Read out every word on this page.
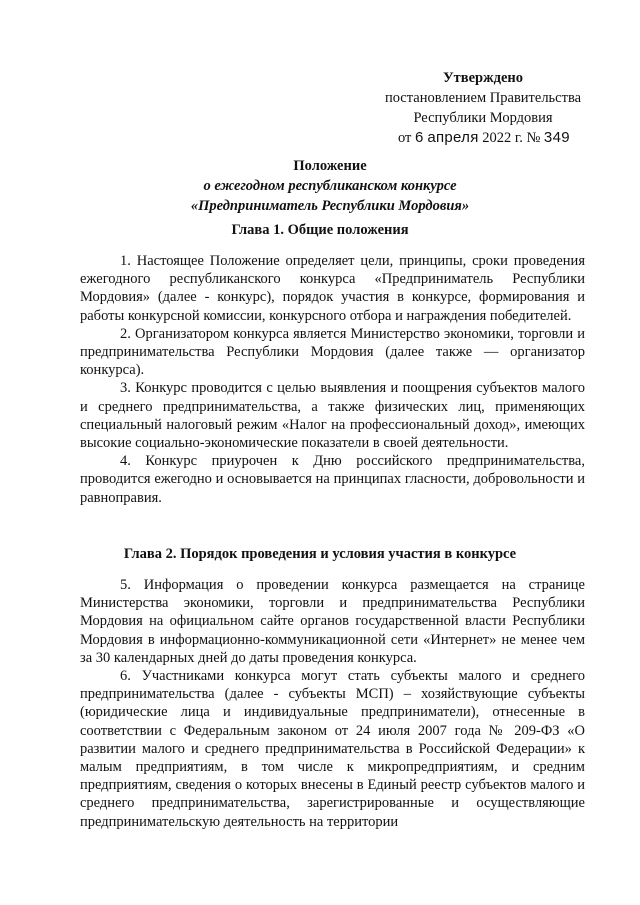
Утверждено
постановлением Правительства
Республики Мордовия
от 6 апреля 2022 г. № 349
Положение
о ежегодном республиканском конкурсе
«Предприниматель Республики Мордовия»
Глава 1. Общие положения

1. Настоящее Положение определяет цели, принципы, сроки проведения ежегодного республиканского конкурса «Предприниматель Республики Мордовия» (далее - конкурс), порядок участия в конкурсе, формирования и работы конкурсной комиссии, конкурсного отбора и награждения победителей.

2. Организатором конкурса является Министерство экономики, торговли и предпринимательства Республики Мордовия (далее также — организатор конкурса).

3. Конкурс проводится с целью выявления и поощрения субъектов малого и среднего предпринимательства, а также физических лиц, применяющих специальный налоговый режим «Налог на профессиональный доход», имеющих высокие социально-экономические показатели в своей деятельности.

4. Конкурс приурочен к Дню российского предпринимательства, проводится ежегодно и основывается на принципах гласности, добровольности и равноправия.

Глава 2. Порядок проведения и условия участия в конкурсе

5. Информация о проведении конкурса размещается на странице Министерства экономики, торговли и предпринимательства Республики Мордовия на официальном сайте органов государственной власти Республики Мордовия в информационно-коммуникационной сети «Интернет» не менее чем за 30 календарных дней до даты проведения конкурса.

6. Участниками конкурса могут стать субъекты малого и среднего предпринимательства (далее - субъекты МСП) – хозяйствующие субъекты (юридические лица и индивидуальные предприниматели), отнесенные в соответствии с Федеральным законом от 24 июля 2007 года № 209-ФЗ «О развитии малого и среднего предпринимательства в Российской Федерации» к малым предприятиям, в том числе к микропредприятиям, и средним предприятиям, сведения о которых внесены в Единый реестр субъектов малого и среднего предпринимательства, зарегистрированные и осуществляющие предпринимательскую деятельность на территории
